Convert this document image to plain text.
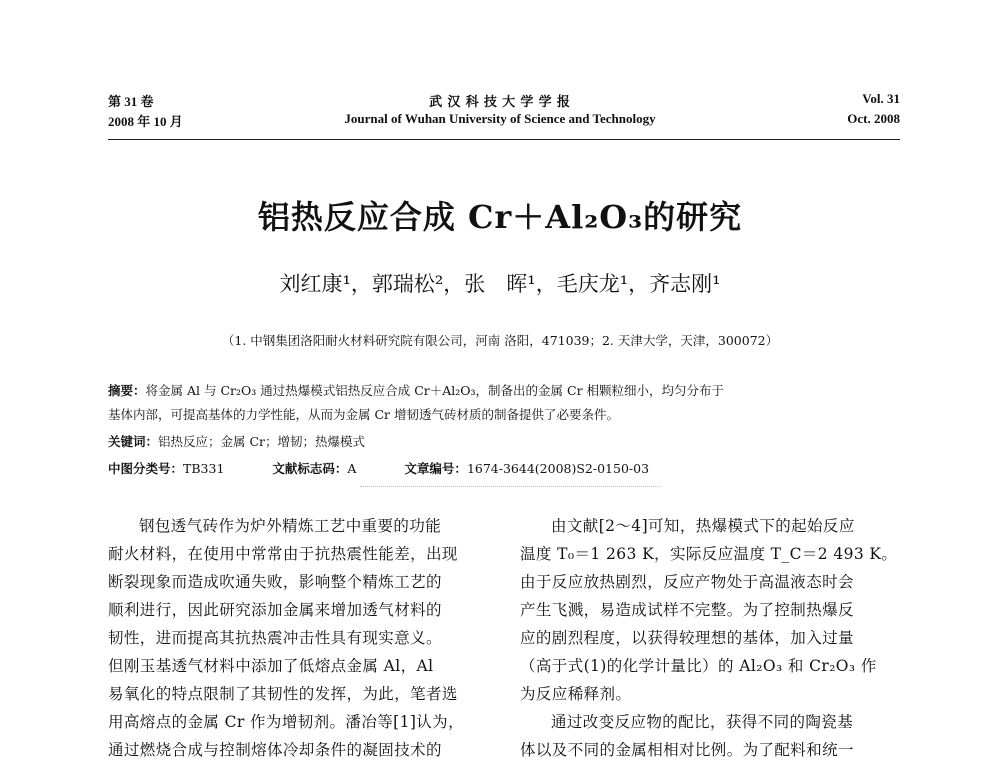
第 31 卷
2008 年 10 月
武 汉 科 技 大 学 学 报
Journal of Wuhan University of Science and Technology
Vol. 31
Oct. 2008
铝热反应合成 Cr＋Al₂O₃的研究
刘红康¹，郭瑞松²，张　晖¹，毛庆龙¹，齐志刚¹
（1. 中钢集团洛阳耐火材料研究院有限公司，河南 洛阳，471039；2. 天津大学，天津，300072）
摘要：将金属 Al 与 Cr₂O₃ 通过热爆模式铝热反应合成 Cr＋Al₂O₃，制备出的金属 Cr 相颗粒细小，均匀分布于
基体内部，可提高基体的力学性能，从而为金属 Cr 增韧透气砖材质的制备提供了必要条件。
关键词：铝热反应；金属 Cr；增韧；热爆模式
中图分类号：TB331	文献标志码：A	文章编号：1674-3644(2008)S2-0150-03

钢包透气砖作为炉外精炼工艺中重要的功能

耐火材料，在使用中常常由于抗热震性能差，出现

断裂现象而造成吹通失败，影响整个精炼工艺的

顺利进行，因此研究添加金属来增加透气材料的

韧性，进而提高其抗热震冲击性具有现实意义。

但刚玉基透气材料中添加了低熔点金属 Al，Al

易氧化的特点限制了其韧性的发挥，为此，笔者选

用高熔点的金属 Cr 作为增韧剂。潘冶等[1]认为，

通过燃烧合成与控制熔体冷却条件的凝固技术的

由文献[2～4]可知，热爆模式下的起始反应

温度 T₀＝1 263 K，实际反应温度 T_C＝2 493 K。

由于反应放热剧烈，反应产物处于高温液态时会

产生飞溅，易造成试样不完整。为了控制热爆反

应的剧烈程度，以获得较理想的基体，加入过量

（高于式(1)的化学计量比）的 Al₂O₃ 和 Cr₂O₃ 作

为反应稀释剂。

通过改变反应物的配比，获得不同的陶瓷基

体以及不同的金属相相对比例。为了配料和统一
